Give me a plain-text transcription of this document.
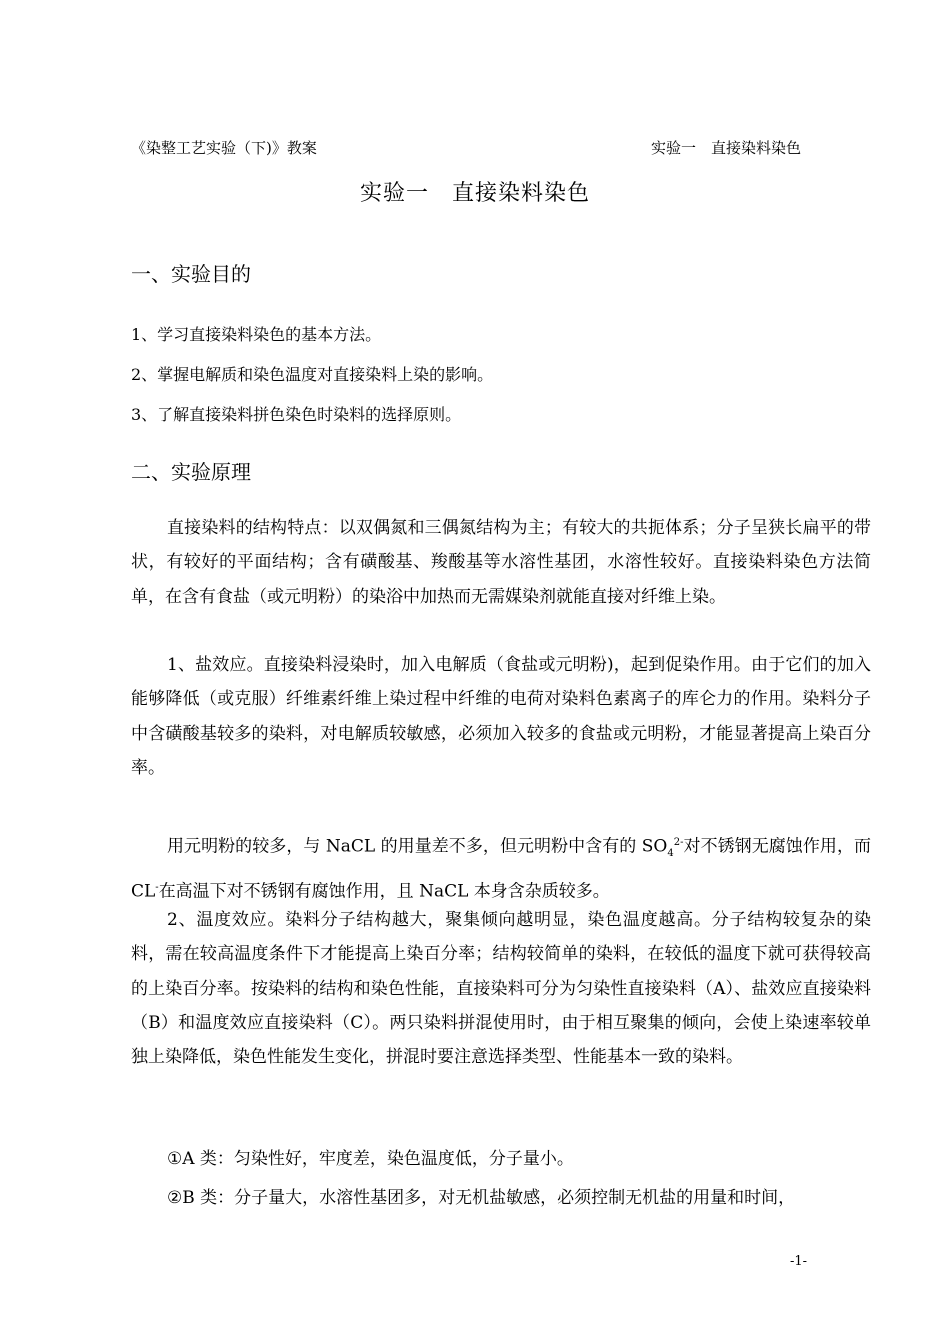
《染整工艺实验（下)》教案	实验一　直接染料染色
实验一　直接染料染色
一、实验目的
1、学习直接染料染色的基本方法。
2、掌握电解质和染色温度对直接染料上染的影响。
3、了解直接染料拼色染色时染料的选择原则。
二、实验原理
直接染料的结构特点：以双偶氮和三偶氮结构为主；有较大的共扼体系；分子呈狭长扁平的带状，有较好的平面结构；含有磺酸基、羧酸基等水溶性基团，水溶性较好。直接染料染色方法简单，在含有食盐（或元明粉）的染浴中加热而无需媒染剂就能直接对纤维上染。
1、盐效应。直接染料浸染时，加入电解质（食盐或元明粉)，起到促染作用。由于它们的加入能够降低（或克服）纤维素纤维上染过程中纤维的电荷对染料色素离子的库仑力的作用。染料分子中含磺酸基较多的染料，对电解质较敏感，必须加入较多的食盐或元明粉，才能显著提高上染百分率。
用元明粉的较多，与 NaCL 的用量差不多，但元明粉中含有的 $SO_4^{2-}$对不锈钢无腐蚀作用，而 CL-在高温下对不锈钢有腐蚀作用，且 NaCL 本身含杂质较多。
2、温度效应。染料分子结构越大，聚集倾向越明显，染色温度越高。分子结构较复杂的染料，需在较高温度条件下才能提高上染百分率；结构较简单的染料，在较低的温度下就可获得较高的上染百分率。按染料的结构和染色性能，直接染料可分为匀染性直接染料（A）、盐效应直接染料（B）和温度效应直接染料（C）。两只染料拼混使用时，由于相互聚集的倾向，会使上染速率较单独上染降低，染色性能发生变化，拼混时要注意选择类型、性能基本一致的染料。
①A 类：匀染性好，牢度差，染色温度低，分子量小。
②B 类：分子量大，水溶性基团多，对无机盐敏感，必须控制无机盐的用量和时间，
-1-
